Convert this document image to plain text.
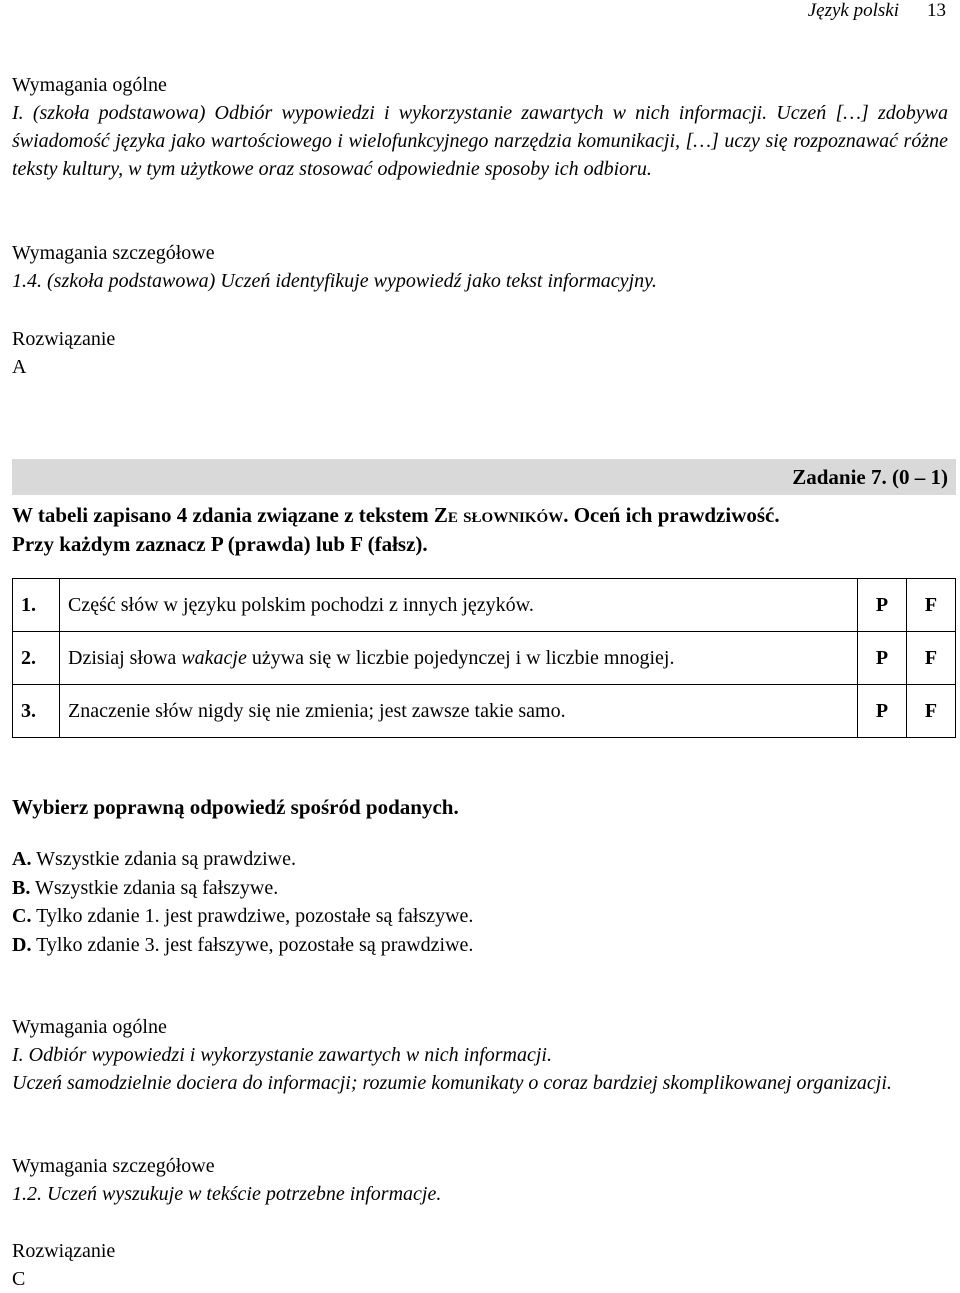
Język polski 13
Wymagania ogólne
I. (szkoła podstawowa) Odbiór wypowiedzi i wykorzystanie zawartych w nich informacji. Uczeń […] zdobywa świadomość języka jako wartościowego i wielofunkcyjnego narzędzia komunikacji, […] uczy się rozpoznawać różne teksty kultury, w tym użytkowe oraz stosować odpowiednie sposoby ich odbioru.
Wymagania szczegółowe
1.4. (szkoła podstawowa) Uczeń identyfikuje wypowiedź jako tekst informacyjny.
Rozwiązanie
A
Zadanie 7. (0 – 1)
W tabeli zapisano 4 zdania związane z tekstem Ze słowników. Oceń ich prawdziwość.
Przy każdym zaznacz P (prawda) lub F (fałsz).
1.	Część słów w języku polskim pochodzi z innych języków.	P	F
2.	Dzisiaj słowa wakacje używa się w liczbie pojedynczej i w liczbie mnogiej.	P	F
3.	Znaczenie słów nigdy się nie zmienia; jest zawsze takie samo.	P	F
Wybierz poprawną odpowiedź spośród podanych.
A. Wszystkie zdania są prawdziwe.
B. Wszystkie zdania są fałszywe.
C. Tylko zdanie 1. jest prawdziwe, pozostałe są fałszywe.
D. Tylko zdanie 3. jest fałszywe, pozostałe są prawdziwe.
Wymagania ogólne
I. Odbiór wypowiedzi i wykorzystanie zawartych w nich informacji.
Uczeń samodzielnie dociera do informacji; rozumie komunikaty o coraz bardziej skomplikowanej organizacji.
Wymagania szczegółowe
1.2. Uczeń wyszukuje w tekście potrzebne informacje.
Rozwiązanie
C
